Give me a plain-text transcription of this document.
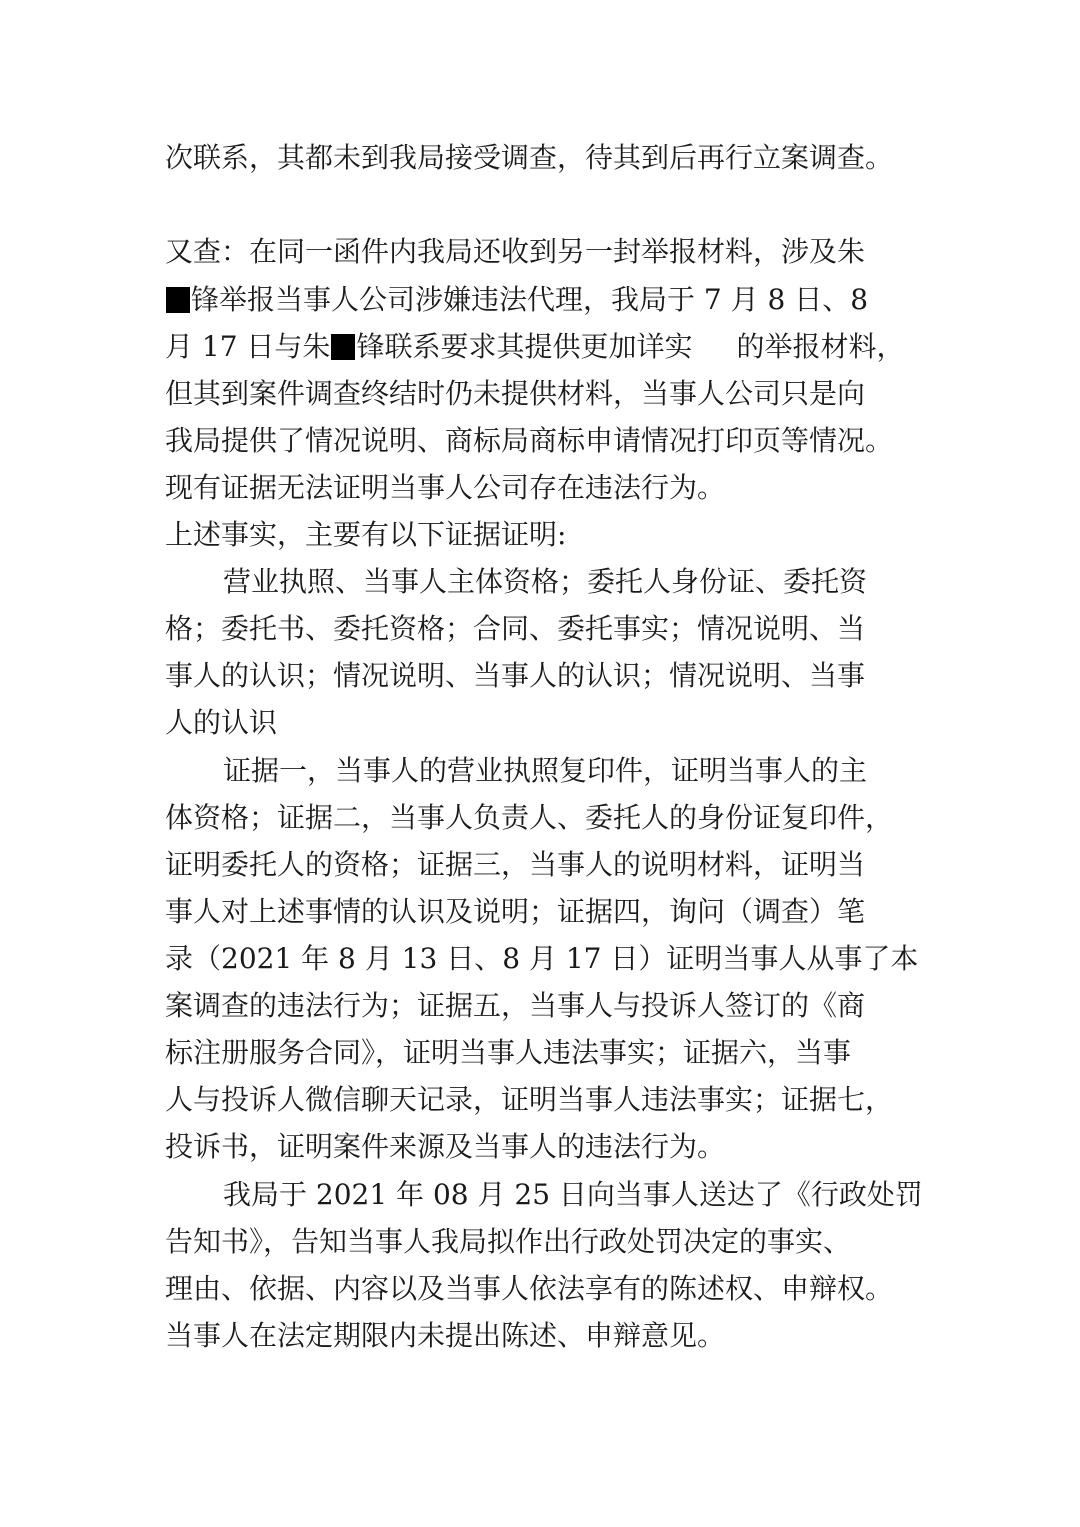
次联系，其都未到我局接受调查，待其到后再行立案调查。
又查：在同一函件内我局还收到另一封举报材料，涉及朱
锋举报当事人公司涉嫌违法代理，我局于 7 月 8 日、8
月 17 日与朱 锋联系要求其提供更加详实 的举报材料，
但其到案件调查终结时仍未提供材料，当事人公司只是向
我局提供了情况说明、商标局商标申请情况打印页等情况。
现有证据无法证明当事人公司存在违法行为。
上述事实，主要有以下证据证明:
营业执照、当事人主体资格；委托人身份证、委托资
格；委托书、委托资格；合同、委托事实；情况说明、当
事人的认识；情况说明、当事人的认识；情况说明、当事
人的认识
证据一，当事人的营业执照复印件，证明当事人的主
体资格；证据二，当事人负责人、委托人的身份证复印件，
证明委托人的资格；证据三，当事人的说明材料，证明当
事人对上述事情的认识及说明；证据四，询问（调查）笔
录（2021 年 8 月 13 日、8 月 17 日）证明当事人从事了本
案调查的违法行为；证据五，当事人与投诉人签订的《商
标注册服务合同》，证明当事人违法事实；证据六，当事
人与投诉人微信聊天记录，证明当事人违法事实；证据七，
投诉书，证明案件来源及当事人的违法行为。
我局于 2021 年 08 月 25 日向当事人送达了《行政处罚
告知书》，告知当事人我局拟作出行政处罚决定的事实、
理由、依据、内容以及当事人依法享有的陈述权、申辩权。
当事人在法定期限内未提出陈述、申辩意见。
